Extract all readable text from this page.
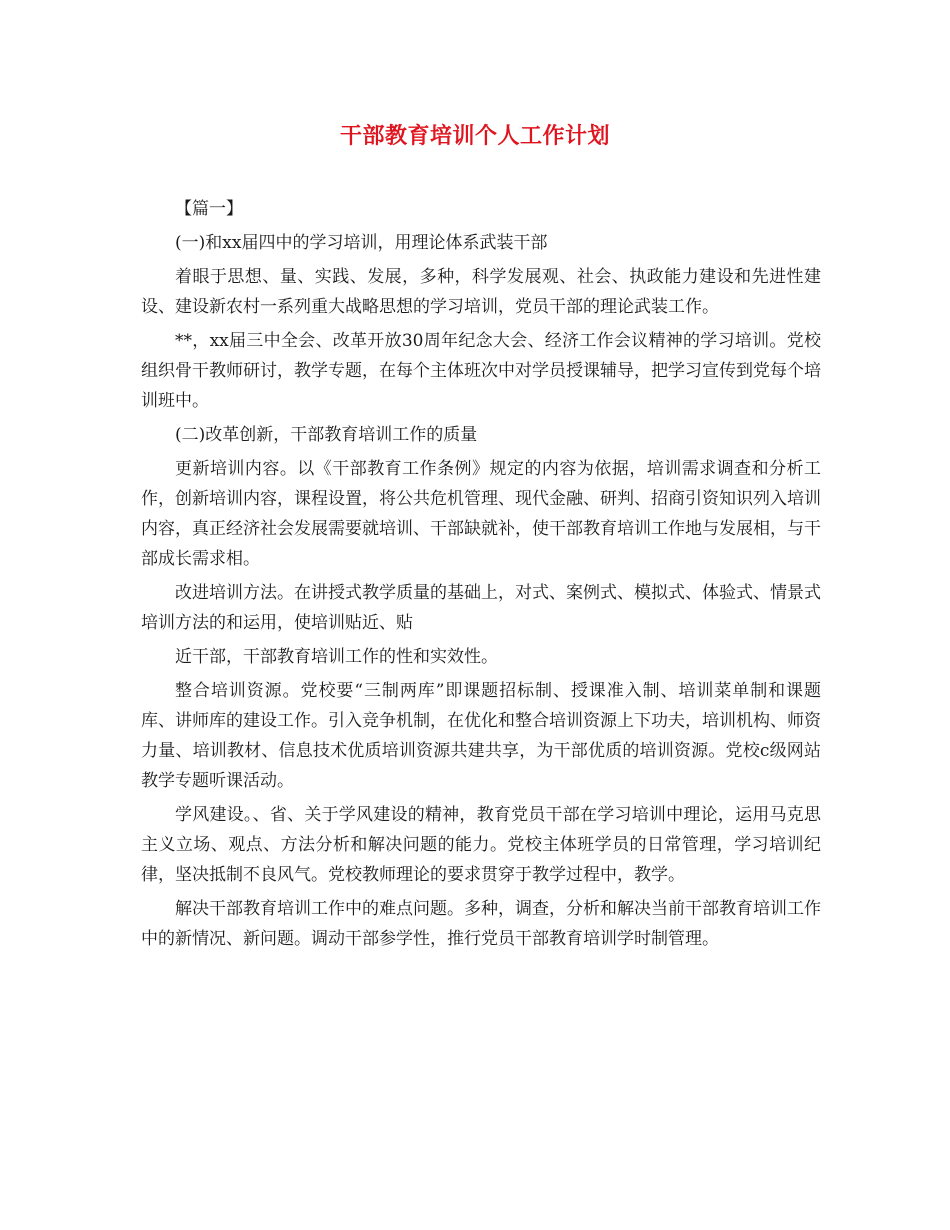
干部教育培训个人工作计划

【篇一】

(一)和xx届四中的学习培训，用理论体系武装干部

着眼于思想、量、实践、发展，多种，科学发展观、社会、执政能力建设和先进性建设、建设新农村一系列重大战略思想的学习培训，党员干部的理论武装工作。

**，xx届三中全会、改革开放30周年纪念大会、经济工作会议精神的学习培训。党校组织骨干教师研讨，教学专题，在每个主体班次中对学员授课辅导，把学习宣传到党每个培训班中。

(二)改革创新，干部教育培训工作的质量

更新培训内容。以《干部教育工作条例》规定的内容为依据，培训需求调查和分析工作，创新培训内容，课程设置，将公共危机管理、现代金融、研判、招商引资知识列入培训内容，真正经济社会发展需要就培训、干部缺就补，使干部教育培训工作地与发展相，与干部成长需求相。

改进培训方法。在讲授式教学质量的基础上，对式、案例式、模拟式、体验式、情景式培训方法的和运用，使培训贴近、贴

近干部，干部教育培训工作的性和实效性。

整合培训资源。党校要“三制两库”即课题招标制、授课准入制、培训菜单制和课题库、讲师库的建设工作。引入竞争机制，在优化和整合培训资源上下功夫，培训机构、师资力量、培训教材、信息技术优质培训资源共建共享，为干部优质的培训资源。党校c级网站教学专题听课活动。

学风建设。、省、关于学风建设的精神，教育党员干部在学习培训中理论，运用马克思主义立场、观点、方法分析和解决问题的能力。党校主体班学员的日常管理，学习培训纪律，坚决抵制不良风气。党校教师理论的要求贯穿于教学过程中，教学。

解决干部教育培训工作中的难点问题。多种，调查，分析和解决当前干部教育培训工作中的新情况、新问题。调动干部参学性，推行党员干部教育培训学时制管理。
